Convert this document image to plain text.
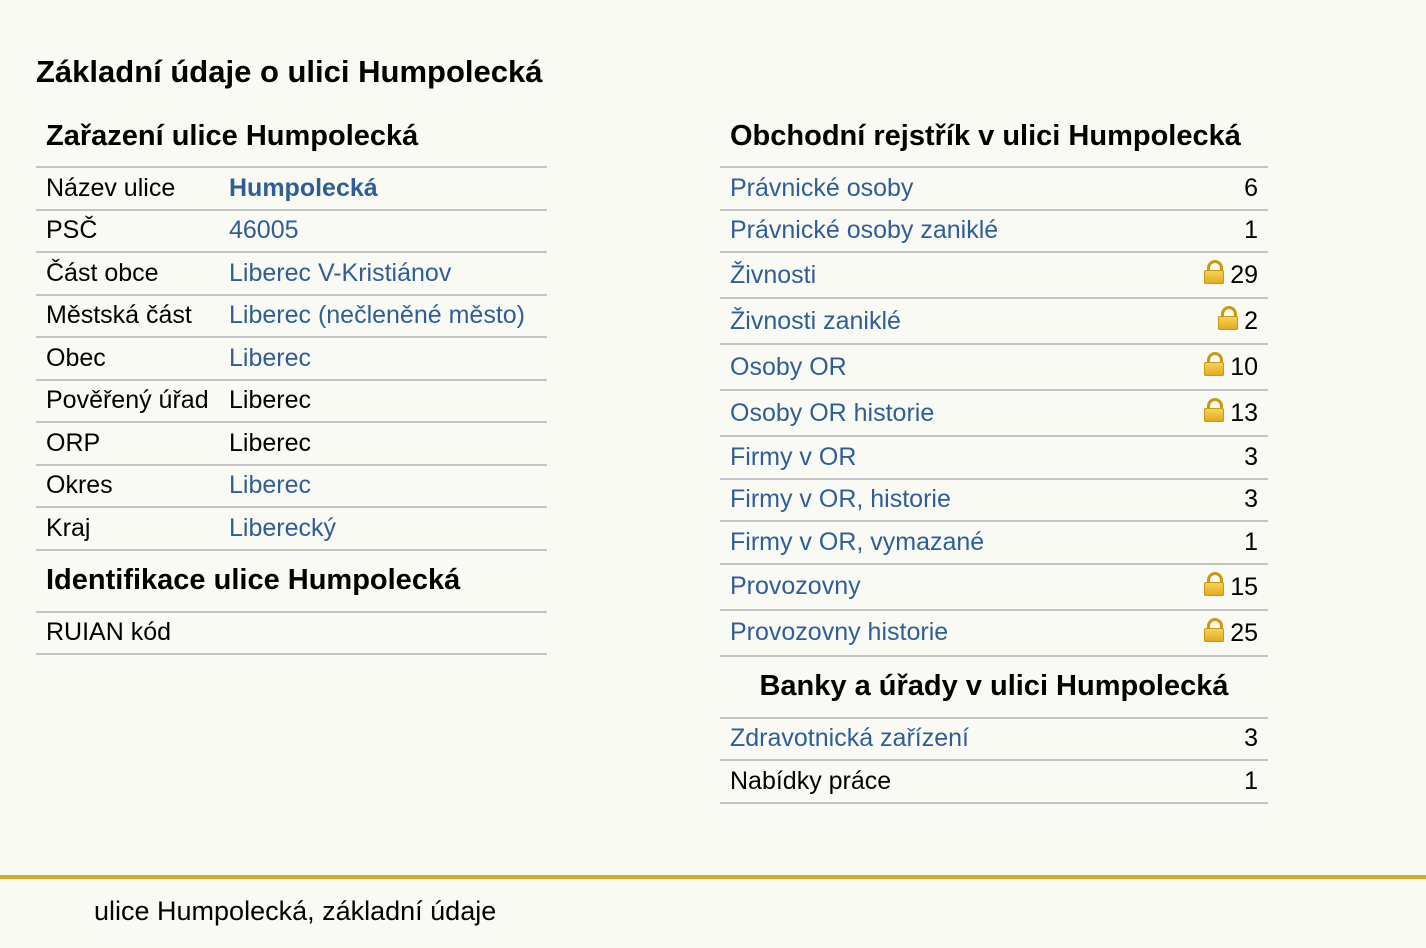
Základní údaje o ulici Humpolecká
Zařazení ulice Humpolecká	
Název ulice	Humpolecká
PSČ	46005
Část obce	Liberec V-Kristiánov
Městská část	Liberec (nečleněné město)
Obec	Liberec
Pověřený úřad	Liberec
ORP	Liberec
Okres	Liberec
Kraj	Liberecký
Identifikace ulice Humpolecká	
RUIAN kód	
Obchodní rejstřík v ulici Humpolecká	
Právnické osoby	6
Právnické osoby zaniklé	1
Živnosti	29
Živnosti zaniklé	2
Osoby OR	10
Osoby OR historie	13
Firmy v OR	3
Firmy v OR, historie	3
Firmy v OR, vymazané	1
Provozovny	15
Provozovny historie	25
Banky a úřady v ulici Humpolecká	
Zdravotnická zařízení	3
Nabídky práce	1
ulice Humpolecká, základní údaje
